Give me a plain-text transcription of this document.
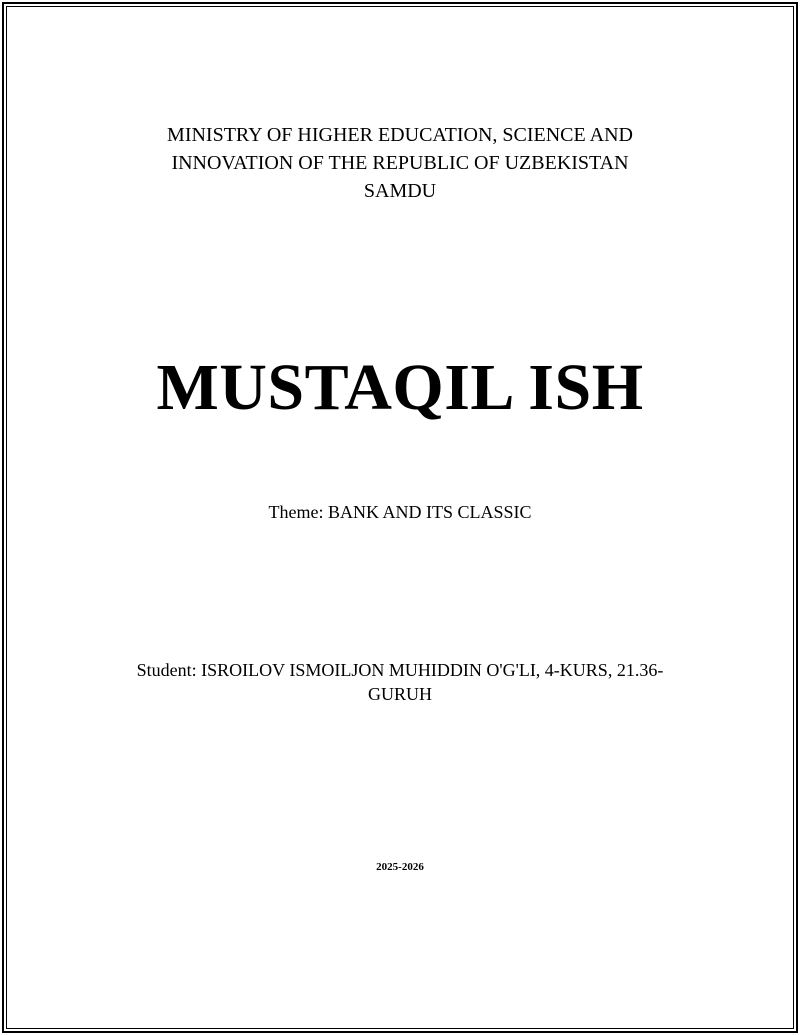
MINISTRY OF HIGHER EDUCATION, SCIENCE AND
INNOVATION OF THE REPUBLIC OF UZBEKISTAN
SAMDU
MUSTAQIL ISH
Theme: BANK AND ITS CLASSIC
Student: ISROILOV ISMOILJON MUHIDDIN O'G'LI, 4-KURS, 21.36-
GURUH
2025-2026
